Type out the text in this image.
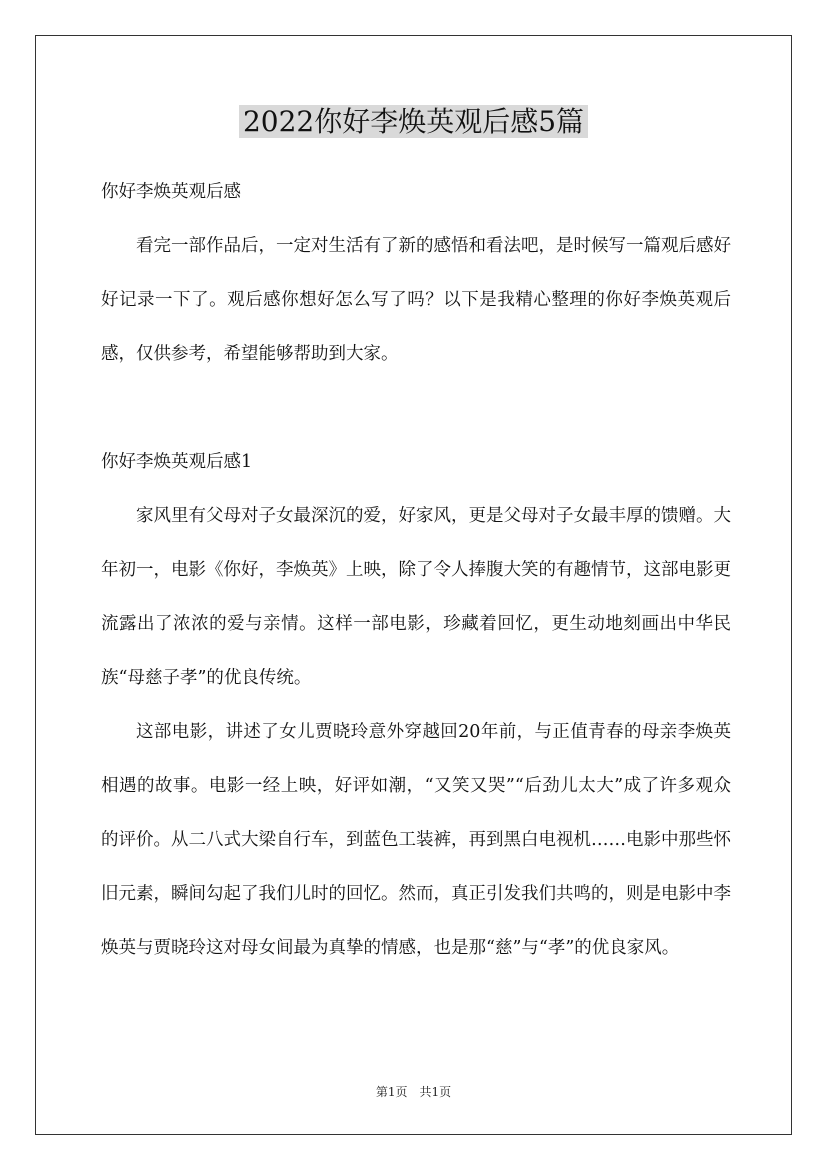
2022你好李焕英观后感5篇

你好李焕英观后感

看完一部作品后，一定对生活有了新的感悟和看法吧，是时候写一篇观后感好好记录一下了。观后感你想好怎么写了吗？以下是我精心整理的你好李焕英观后感，仅供参考，希望能够帮助到大家。

你好李焕英观后感1

家风里有父母对子女最深沉的爱，好家风，更是父母对子女最丰厚的馈赠。大年初一，电影《你好，李焕英》上映，除了令人捧腹大笑的有趣情节，这部电影更流露出了浓浓的爱与亲情。这样一部电影，珍藏着回忆，更生动地刻画出中华民族“母慈子孝”的优良传统。

这部电影，讲述了女儿贾晓玲意外穿越回20年前，与正值青春的母亲李焕英相遇的故事。电影一经上映，好评如潮，“又笑又哭”“后劲儿太大”成了许多观众的评价。从二八式大梁自行车，到蓝色工装裤，再到黑白电视机……电影中那些怀旧元素，瞬间勾起了我们儿时的回忆。然而，真正引发我们共鸣的，则是电影中李焕英与贾晓玲这对母女间最为真挚的情感，也是那“慈”与“孝”的优良家风。

第1页 共1页
